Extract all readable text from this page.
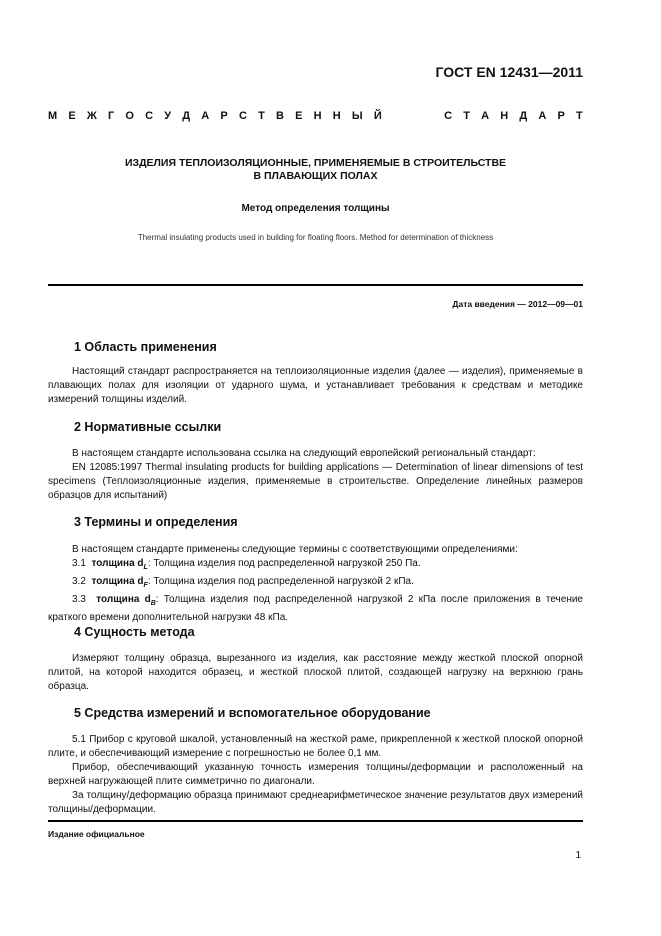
ГОСТ EN 12431—2011
М Е Ж Г О С У Д А Р С Т В Е Н Н Ы Й	С Т А Н Д А Р Т
ИЗДЕЛИЯ ТЕПЛОИЗОЛЯЦИОННЫЕ, ПРИМЕНЯЕМЫЕ В СТРОИТЕЛЬСТВЕ
В ПЛАВАЮЩИХ ПОЛАХ
Метод определения толщины
Thermal insulating products used in building for floating floors. Method for determination of thickness
Дата введения — 2012—09—01
1 Область применения
Настоящий стандарт распространяется на теплоизоляционные изделия (далее — изделия), применяемые в плавающих полах для изоляции от ударного шума, и устанавливает требования к средствам и методике измерений толщины изделий.
2 Нормативные ссылки
В настоящем стандарте использована ссылка на следующий европейский региональный стандарт:
EN 12085:1997 Thermal insulating products for building applications — Determination of linear dimensions of test specimens (Теплоизоляционные изделия, применяемые в строительстве. Определение линейных размеров образцов для испытаний)
3 Термины и определения
В настоящем стандарте применены следующие термины с соответствующими определениями:
3.1 толщина $d_L$: Толщина изделия под распределенной нагрузкой 250 Па.
3.2 толщина $d_F$: Толщина изделия под распределенной нагрузкой 2 кПа.
3.3 толщина $d_B$: Толщина изделия под распределенной нагрузкой 2 кПа после приложения в течение краткого времени дополнительной нагрузки 48 кПа.
4 Сущность метода
Измеряют толщину образца, вырезанного из изделия, как расстояние между жесткой плоской опорной плитой, на которой находится образец, и жесткой плоской плитой, создающей нагрузку на верхнюю грань образца.
5 Средства измерений и вспомогательное оборудование
5.1 Прибор с круговой шкалой, установленный на жесткой раме, прикрепленной к жесткой плоской опорной плите, и обеспечивающий измерение с погрешностью не более 0,1 мм.
Прибор, обеспечивающий указанную точность измерения толщины/деформации и расположенный на верхней нагружающей плите симметрично по диагонали.
За толщину/деформацию образца принимают среднеарифметическое значение результатов двух измерений толщины/деформации.
Издание официальное
1
